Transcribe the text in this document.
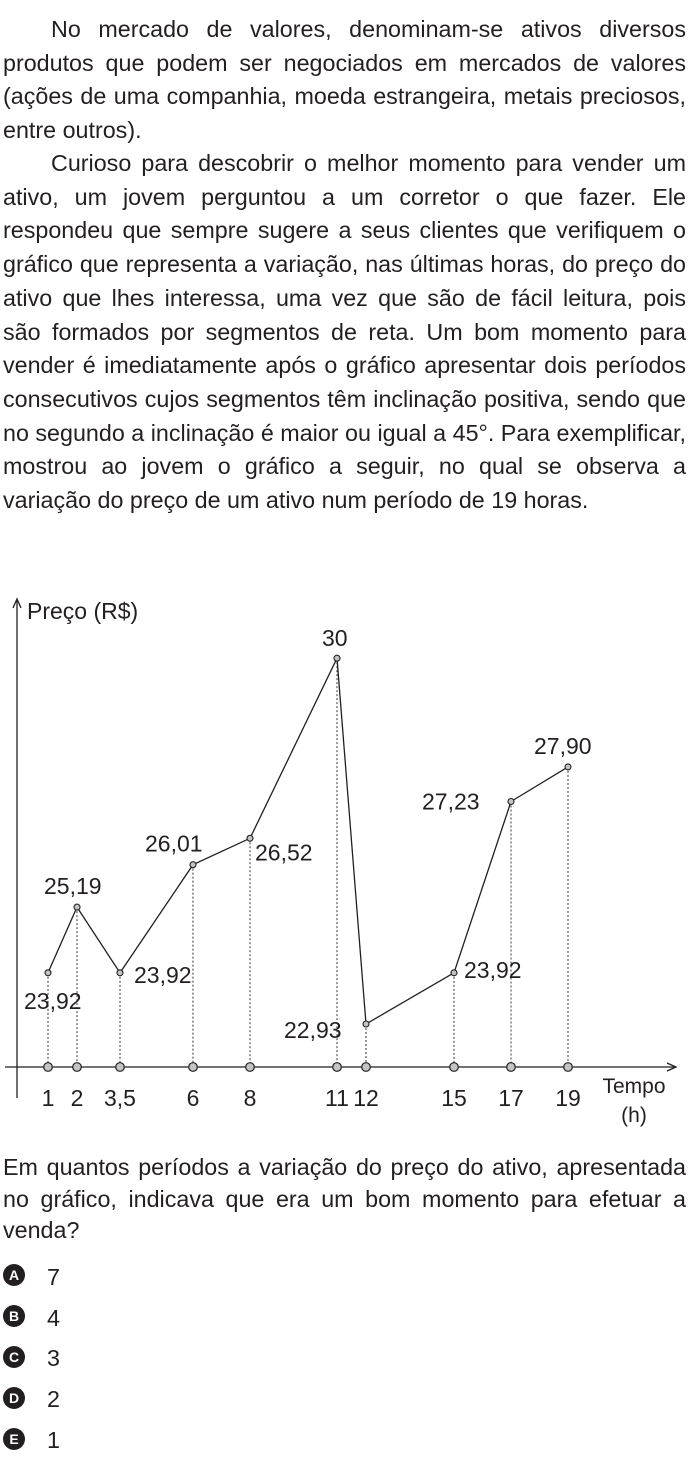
No mercado de valores, denominam-se ativos diversos produtos que podem ser negociados em mercados de valores (ações de uma companhia, moeda estrangeira, metais preciosos, entre outros).

Curioso para descobrir o melhor momento para vender um ativo, um jovem perguntou a um corretor o que fazer. Ele respondeu que sempre sugere a seus clientes que verifiquem o gráfico que representa a variação, nas últimas horas, do preço do ativo que lhes interessa, uma vez que são de fácil leitura, pois são formados por segmentos de reta. Um bom momento para vender é imediatamente após o gráfico apresentar dois períodos consecutivos cujos segmentos têm inclinação positiva, sendo que no segundo a inclinação é maior ou igual a 45°. Para exemplificar, mostrou ao jovem o gráfico a seguir, no qual se observa a variação do preço de um ativo num período de 19 horas.

Preço (R$)
Tempo
(h)
1 2 3,5 6 8	11 12	15 17 19
23,92
25,19
23,92
26,01 26,52
30
22,93
23,92
27,23
27,90

Em quantos períodos a variação do preço do ativo, apresentada no gráfico, indicava que era um bom momento para efetuar a venda?

A 7
B 4
C 3
D 2
E 1
